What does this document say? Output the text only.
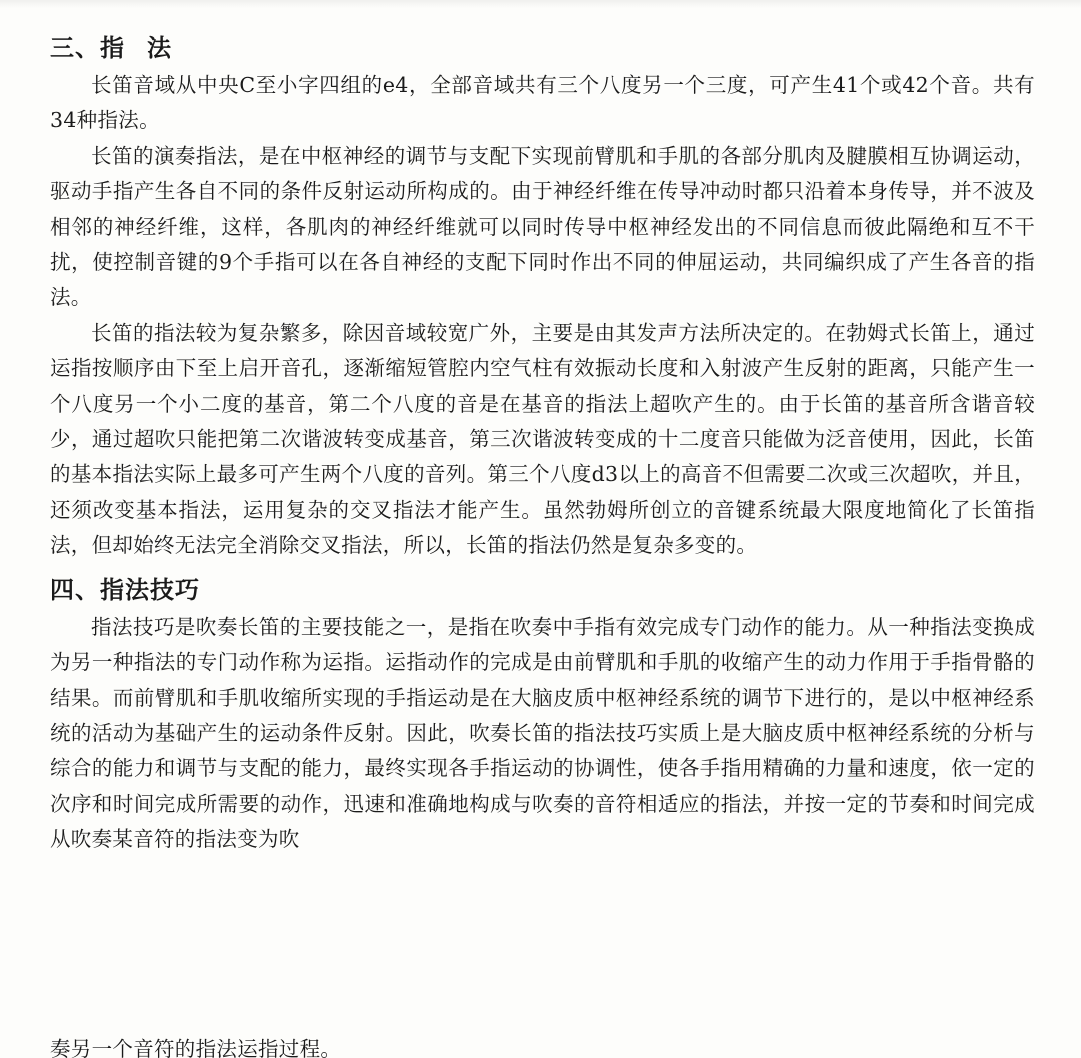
三、指 法

长笛音域从中央C至小字四组的e4，全部音域共有三个八度另一个三度，可产生41个或42个音。共有34种指法。

长笛的演奏指法，是在中枢神经的调节与支配下实现前臂肌和手肌的各部分肌肉及腱膜相互协调运动，驱动手指产生各自不同的条件反射运动所构成的。由于神经纤维在传导冲动时都只沿着本身传导，并不波及相邻的神经纤维，这样，各肌肉的神经纤维就可以同时传导中枢神经发出的不同信息而彼此隔绝和互不干扰，使控制音键的9个手指可以在各自神经的支配下同时作出不同的伸屈运动，共同编织成了产生各音的指法。

长笛的指法较为复杂繁多，除因音域较宽广外，主要是由其发声方法所决定的。在勃姆式长笛上，通过运指按顺序由下至上启开音孔，逐渐缩短管腔内空气柱有效振动长度和入射波产生反射的距离，只能产生一个八度另一个小二度的基音，第二个八度的音是在基音的指法上超吹产生的。由于长笛的基音所含谐音较少，通过超吹只能把第二次谐波转变成基音，第三次谐波转变成的十二度音只能做为泛音使用，因此，长笛的基本指法实际上最多可产生两个八度的音列。第三个八度d3以上的高音不但需要二次或三次超吹，并且，还须改变基本指法，运用复杂的交叉指法才能产生。虽然勃姆所创立的音键系统最大限度地简化了长笛指法，但却始终无法完全消除交叉指法，所以，长笛的指法仍然是复杂多变的。

四、指法技巧

指法技巧是吹奏长笛的主要技能之一，是指在吹奏中手指有效完成专门动作的能力。从一种指法变换成为另一种指法的专门动作称为运指。运指动作的完成是由前臂肌和手肌的收缩产生的动力作用于手指骨骼的结果。而前臂肌和手肌收缩所实现的手指运动是在大脑皮质中枢神经系统的调节下进行的，是以中枢神经系统的活动为基础产生的运动条件反射。因此，吹奏长笛的指法技巧实质上是大脑皮质中枢神经系统的分析与综合的能力和调节与支配的能力，最终实现各手指运动的协调性，使各手指用精确的力量和速度，依一定的次序和时间完成所需要的动作，迅速和准确地构成与吹奏的音符相适应的指法，并按一定的节奏和时间完成从吹奏某音符的指法变为吹

奏另一个音符的指法运指过程。
